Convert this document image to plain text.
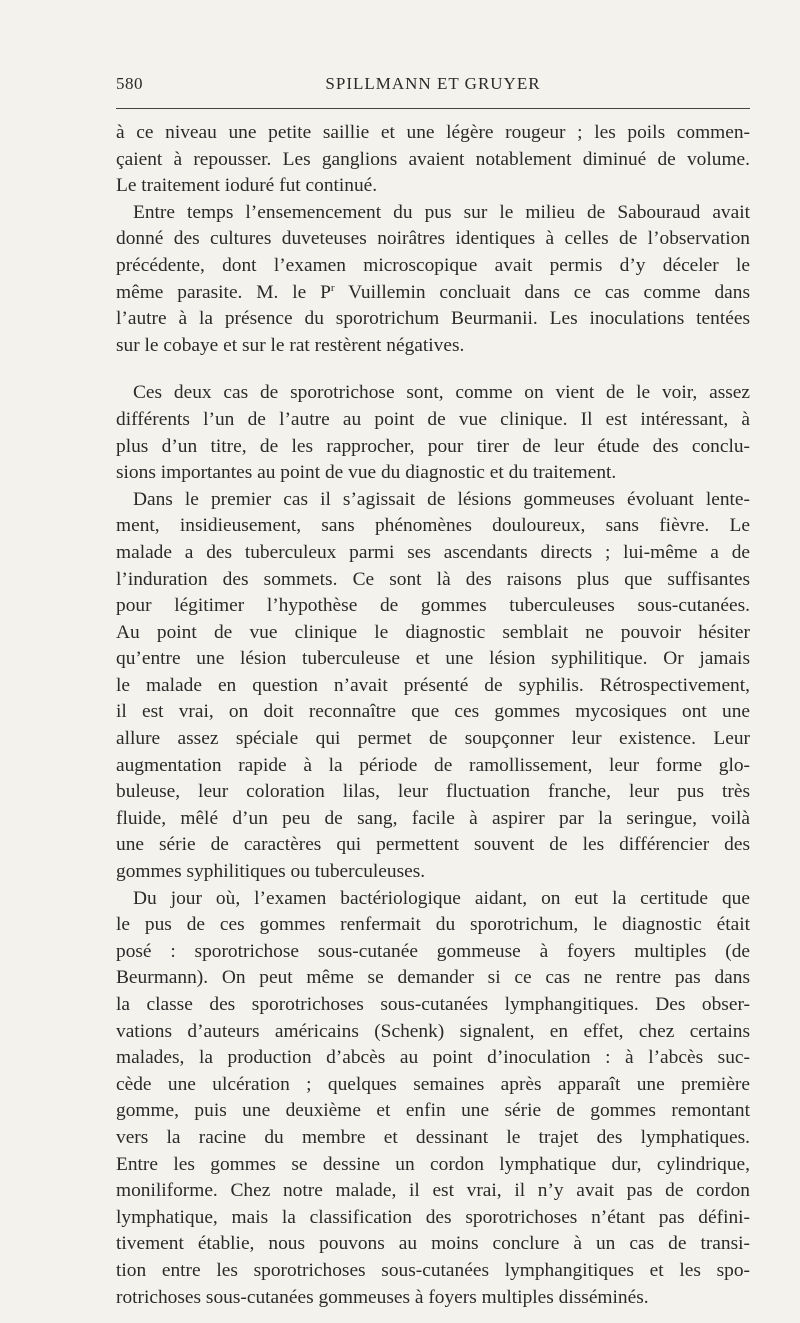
580	SPILLMANN ET GRUYER
à ce niveau une petite saillie et une légère rougeur ; les poils commen-
çaient à repousser. Les ganglions avaient notablement diminué de volume.
Le traitement ioduré fut continué.
Entre temps l’ensemencement du pus sur le milieu de Sabouraud avait
donné des cultures duveteuses noirâtres identiques à celles de l’observation
précédente, dont l’examen microscopique avait permis d’y déceler le
même parasite. M. le $P^r$ Vuillemin concluait dans ce cas comme dans
l’autre à la présence du sporotrichum Beurmanii. Les inoculations tentées
sur le cobaye et sur le rat restèrent négatives.
Ces deux cas de sporotrichose sont, comme on vient de le voir, assez
différents l’un de l’autre au point de vue clinique. Il est intéressant, à
plus d’un titre, de les rapprocher, pour tirer de leur étude des conclu-
sions importantes au point de vue du diagnostic et du traitement.
Dans le premier cas il s’agissait de lésions gommeuses évoluant lente-
ment, insidieusement, sans phénomènes douloureux, sans fièvre. Le
malade a des tuberculeux parmi ses ascendants directs ; lui-même a de
l’induration des sommets. Ce sont là des raisons plus que suffisantes
pour légitimer l’hypothèse de gommes tuberculeuses sous-cutanées.
Au point de vue clinique le diagnostic semblait ne pouvoir hésiter
qu’entre une lésion tuberculeuse et une lésion syphilitique. Or jamais
le malade en question n’avait présenté de syphilis. Rétrospectivement,
il est vrai, on doit reconnaître que ces gommes mycosiques ont une
allure assez spéciale qui permet de soupçonner leur existence. Leur
augmentation rapide à la période de ramollissement, leur forme glo-
buleuse, leur coloration lilas, leur fluctuation franche, leur pus très
fluide, mêlé d’un peu de sang, facile à aspirer par la seringue, voilà
une série de caractères qui permettent souvent de les différencier des
gommes syphilitiques ou tuberculeuses.
Du jour où, l’examen bactériologique aidant, on eut la certitude que
le pus de ces gommes renfermait du sporotrichum, le diagnostic était
posé : sporotrichose sous-cutanée gommeuse à foyers multiples (de
Beurmann). On peut même se demander si ce cas ne rentre pas dans
la classe des sporotrichoses sous-cutanées lymphangitiques. Des obser-
vations d’auteurs américains (Schenk) signalent, en effet, chez certains
malades, la production d’abcès au point d’inoculation : à l’abcès suc-
cède une ulcération ; quelques semaines après apparaît une première
gomme, puis une deuxième et enfin une série de gommes remontant
vers la racine du membre et dessinant le trajet des lymphatiques.
Entre les gommes se dessine un cordon lymphatique dur, cylindrique,
moniliforme. Chez notre malade, il est vrai, il n’y avait pas de cordon
lymphatique, mais la classification des sporotrichoses n’étant pas défini-
tivement établie, nous pouvons au moins conclure à un cas de transi-
tion entre les sporotrichoses sous-cutanées lymphangitiques et les spo-
rotrichoses sous-cutanées gommeuses à foyers multiples disséminés.
